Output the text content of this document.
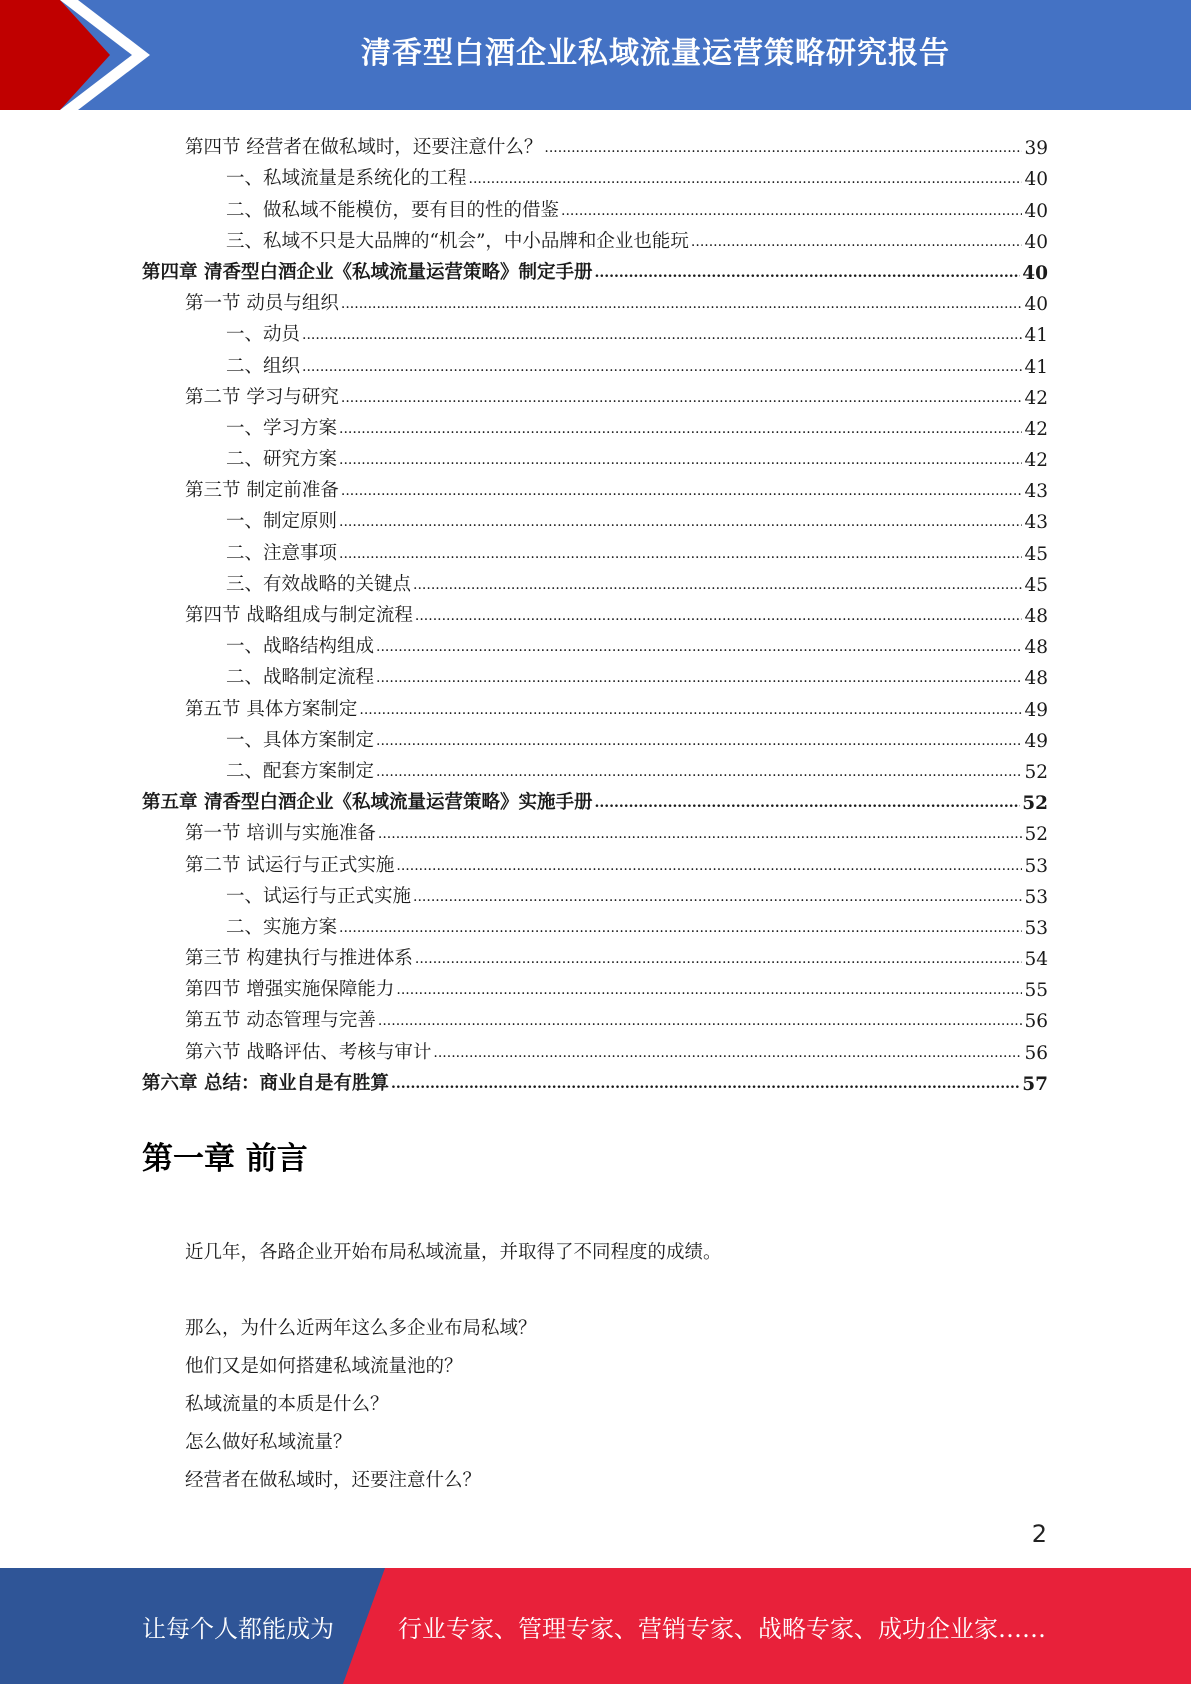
清香型白酒企业私域流量运营策略研究报告
第四节 经营者在做私域时，还要注意什么？ .....	39
一、私域流量是系统化的工程 .....	40
二、做私域不能模仿，要有目的性的借鉴 .....	40
三、私域不只是大品牌的“机会”，中小品牌和企业也能玩 .....	40
第四章 清香型白酒企业《私域流量运营策略》制定手册 .....	40
第一节 动员与组织 .....	40
一、动员 .....	41
二、组织 .....	41
第二节 学习与研究 .....	42
一、学习方案 .....	42
二、研究方案 .....	42
第三节 制定前准备 .....	43
一、制定原则 .....	43
二、注意事项 .....	45
三、有效战略的关键点 .....	45
第四节 战略组成与制定流程 .....	48
一、战略结构组成 .....	48
二、战略制定流程 .....	48
第五节 具体方案制定 .....	49
一、具体方案制定 .....	49
二、配套方案制定 .....	52
第五章 清香型白酒企业《私域流量运营策略》实施手册 .....	52
第一节 培训与实施准备 .....	52
第二节 试运行与正式实施 .....	53
一、试运行与正式实施 .....	53
二、实施方案 .....	53
第三节 构建执行与推进体系 .....	54
第四节 增强实施保障能力 .....	55
第五节 动态管理与完善 .....	56
第六节 战略评估、考核与审计 .....	56
第六章 总结：商业自是有胜算 .....	57
第一章 前言
近几年，各路企业开始布局私域流量，并取得了不同程度的成绩。
那么，为什么近两年这么多企业布局私域？
他们又是如何搭建私域流量池的？
私域流量的本质是什么？
怎么做好私域流量？
经营者在做私域时，还要注意什么？
2
让每个人都能成为	行业专家、管理专家、营销专家、战略专家、成功企业家……
